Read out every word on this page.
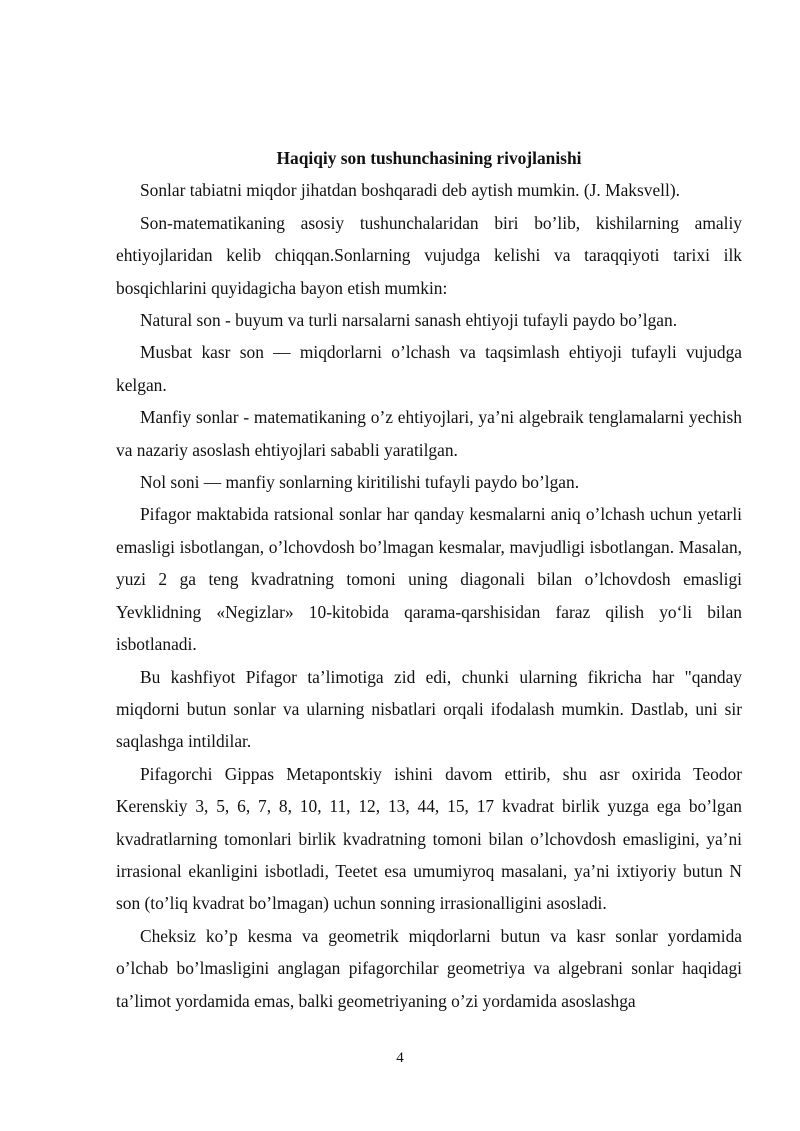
Haqiqiy son tushunchasining rivojlanishi

Sonlar tabiatni miqdor jihatdan boshqaradi deb aytish mumkin. (J. Maksvell).

Son-matematikaning asosiy tushunchalaridan biri bo’lib, kishilarning amaliy ehtiyojlaridan kelib chiqqan.Sonlarning vujudga kelishi va taraqqiyoti tarixi ilk bosqichlarini quyidagicha bayon etish mumkin:

Natural son - buyum va turli narsalarni sanash ehtiyoji tufayli paydo bo’lgan.

Musbat kasr son — miqdorlarni o’lchash va taqsimlash ehtiyoji tufayli vujudga kelgan.

Manfiy sonlar - matematikaning o’z ehtiyojlari, ya’ni algebraik tenglamalarni yechish va nazariy asoslash ehtiyojlari sababli yaratilgan.

Nol soni — manfiy sonlarning kiritilishi tufayli paydo bo’lgan.

Pifagor maktabida ratsional sonlar har qanday kesmalarni aniq o’lchash uchun yetarli emasligi isbotlangan, o’lchovdosh bo’lmagan kesmalar, mavjudligi isbotlangan. Masalan, yuzi 2 ga teng kvadratning tomoni uning diagonali bilan o’lchovdosh emasligi Yevklidning «Negizlar» 10-kitobida qarama-qarshisidan faraz qilish yo‘li bilan isbotlanadi.

Bu kashfiyot Pifagor ta’limotiga zid edi, chunki ularning fikricha har "qanday miqdorni butun sonlar va ularning nisbatlari orqali ifodalash mumkin. Dastlab, uni sir saqlashga intildilar.

Pifagorchi Gippas Metapontskiy ishini davom ettirib, shu asr oxirida Teodor Kerenskiy 3, 5, 6, 7, 8, 10, 11, 12, 13, 44, 15, 17 kvadrat birlik yuzga ega bo’lgan kvadratlarning tomonlari birlik kvadratning tomoni bilan o’lchovdosh emasligini, ya’ni irrasional ekanligini isbotladi, Teetet esa umumiyroq masalani, ya’ni ixtiyoriy butun N son (to’liq kvadrat bo’lmagan) uchun sonning irrasionalligini asosladi.

Cheksiz ko’p kesma va geometrik miqdorlarni butun va kasr sonlar yordamida o’lchab bo’lmasligini anglagan pifagorchilar geometriya va algebrani sonlar haqidagi ta’limot yordamida emas, balki geometriyaning o’zi yordamida asoslashga

4
